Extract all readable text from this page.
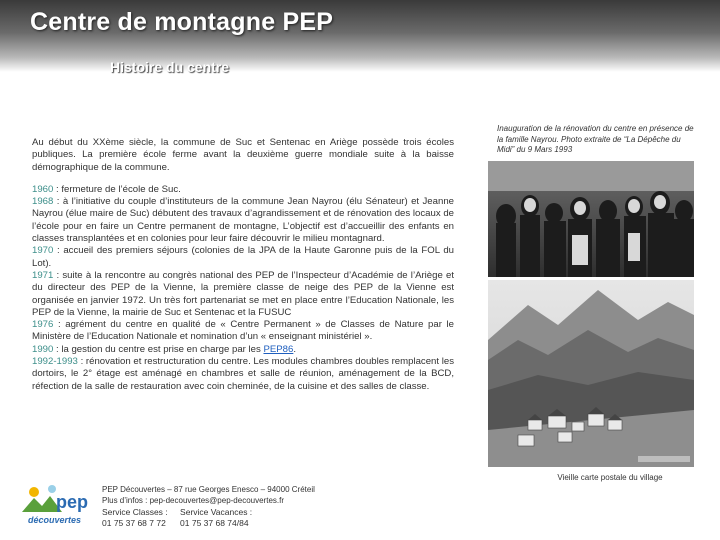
Centre de montagne PEP
Histoire du centre

Au début du XXème siècle, la commune de Suc et Sentenac en Ariège possède trois écoles publiques. La première école ferme avant la deuxième guerre mondiale suite à la baisse démographique de la commune.

1960 : fermeture de l’école de Suc.

1968 : à l’initiative du couple d’instituteurs de la commune Jean Nayrou (élu Sénateur) et Jeanne Nayrou (élue maire de Suc) débutent des travaux d’agrandissement et de rénovation des locaux de l’école pour en faire un Centre permanent de montagne, L’objectif est d’accueillir des enfants en classes transplantées et en colonies pour leur faire découvrir le milieu montagnard.

1970 : accueil des premiers séjours (colonies de la JPA de la Haute Garonne puis de la FOL du Lot).

1971 : suite à la rencontre au congrès national des PEP de l’Inspecteur d’Académie de l’Ariège et du directeur des PEP de la Vienne, la première classe de neige des PEP de la Vienne est organisée en janvier 1972. Un très fort partenariat se met en place entre l’Education Nationale, les PEP de la Vienne, la mairie de Suc et Sentenac et la FUSUC

1976 : agrément du centre en qualité de « Centre Permanent » de Classes de Nature par le Ministère de l’Education Nationale et nomination d’un « enseignant ministériel ».

1990 : la gestion du centre est prise en charge par les PEP86.

1992-1993 : rénovation et restructuration du centre. Les modules chambres doubles remplacent les dortoirs, le 2° étage est aménagé en chambres et salle de réunion, aménagement de la BCD, réfection de la salle de restauration avec coin cheminée, de la cuisine et des salles de classe.

Inauguration de la rénovation du centre en présence de la famille Nayrou. Photo extraite de “La Dépêche du Midi” du 9 Mars 1993
Vieille carte postale du village
pep
découvertes

PEP Découvertes – 87 rue Georges Enesco – 94000 Créteil

Plus d’infos : pep-decouvertes@pep-decouvertes.fr

Service Classes :
01 75 37 68 7 72

Service Vacances :
01 75 37 68 74/84
